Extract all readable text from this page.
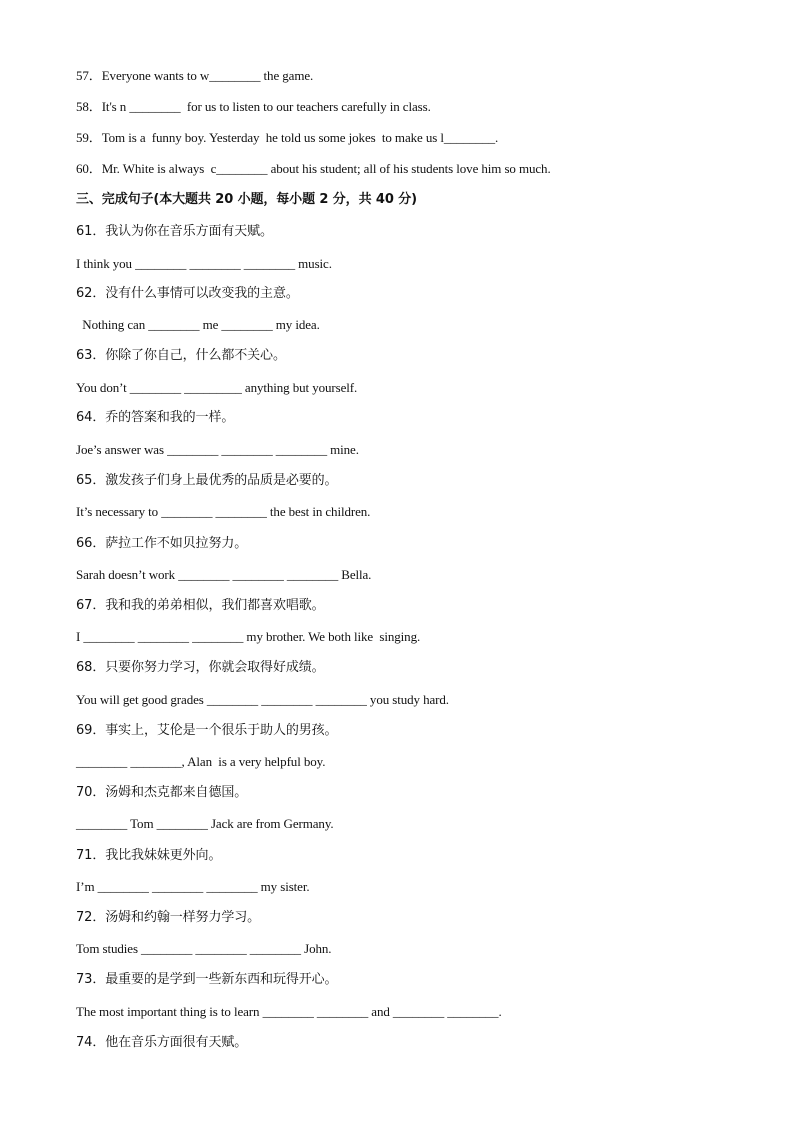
57．Everyone wants to w________ the game.
58．It's n ________  for us to listen to our teachers carefully in class.
59．Tom is a  funny boy. Yesterday  he told us some jokes  to make us l________.
60．Mr. White is always  c________ about his student; all of his students love him so much.
三、完成句子(本大题共 20 小题，每小题 2 分，共 40 分)
61．我认为你在音乐方面有天赋。
I think you ________ ________ ________ music.
62．没有什么事情可以改变我的主意。
Nothing can ________ me ________ my idea.
63．你除了你自己，什么都不关心。
You don’t ________ _________ anything but yourself.
64．乔的答案和我的一样。
Joe’s answer was ________ ________ ________ mine.
65．激发孩子们身上最优秀的品质是必要的。
It’s necessary to ________ ________ the best in children.
66．萨拉工作不如贝拉努力。
Sarah doesn’t work ________ ________ ________ Bella.
67．我和我的弟弟相似，我们都喜欢唱歌。
I ________ ________ ________ my brother. We both like  singing.
68．只要你努力学习，你就会取得好成绩。
You will get good grades ________ ________ ________ you study hard.
69．事实上，艾伦是一个很乐于助人的男孩。
________ ________, Alan  is a very helpful boy.
70．汤姆和杰克都来自德国。
________ Tom ________ Jack are from Germany.
71．我比我妹妹更外向。
I’m ________ ________ ________ my sister.
72．汤姆和约翰一样努力学习。
Tom studies ________ ________ ________ John.
73．最重要的是学到一些新东西和玩得开心。
The most important thing is to learn ________ ________ and ________ ________.
74．他在音乐方面很有天赋。
